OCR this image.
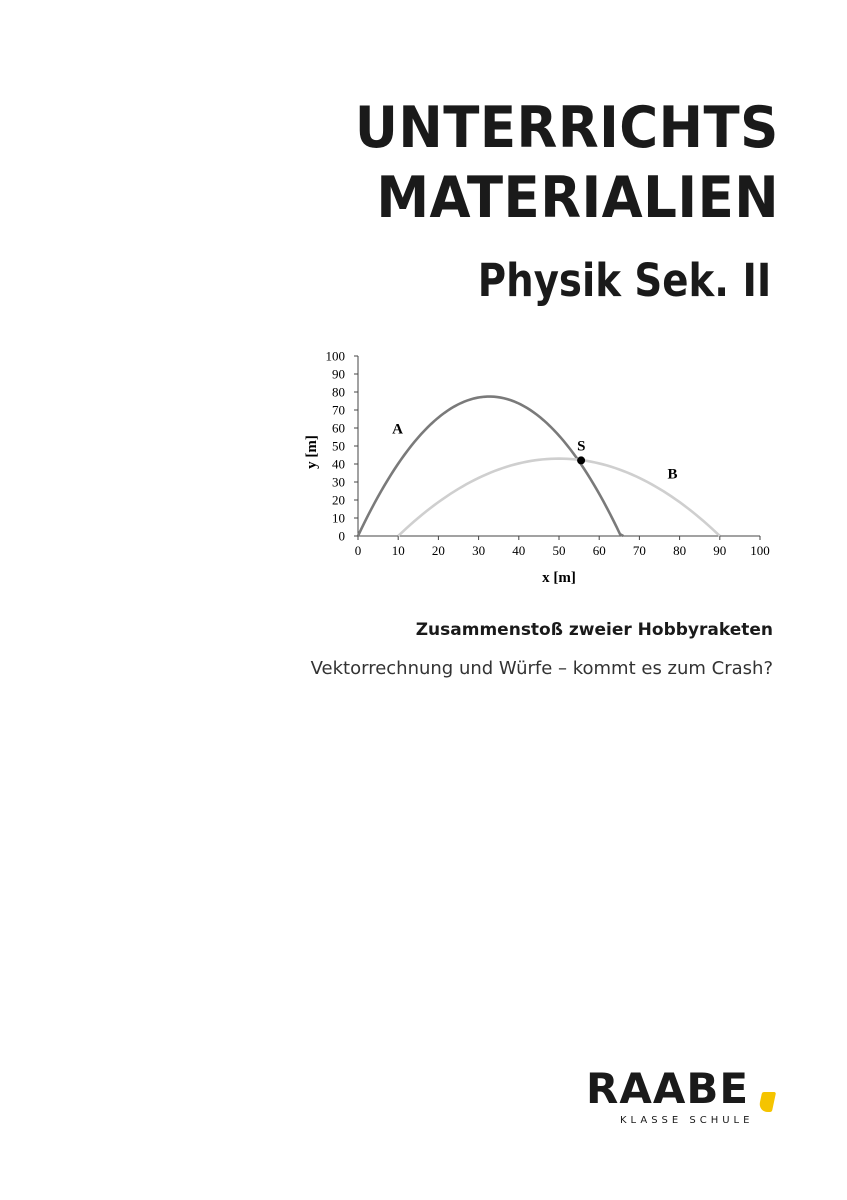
UNTERRICHTS
MATERIALIEN
Physik Sek. II
0 10 20 30 40 50 60 70 80 90 100
0
10
20
30
40
50
60
70
80
90
100
x [m]
y [m]
A
B
S

Zusammenstoß zweier Hobbyraketen

Vektorrechnung und Würfe – kommt es zum Crash?

RAABE
KLASSE SCHULE
